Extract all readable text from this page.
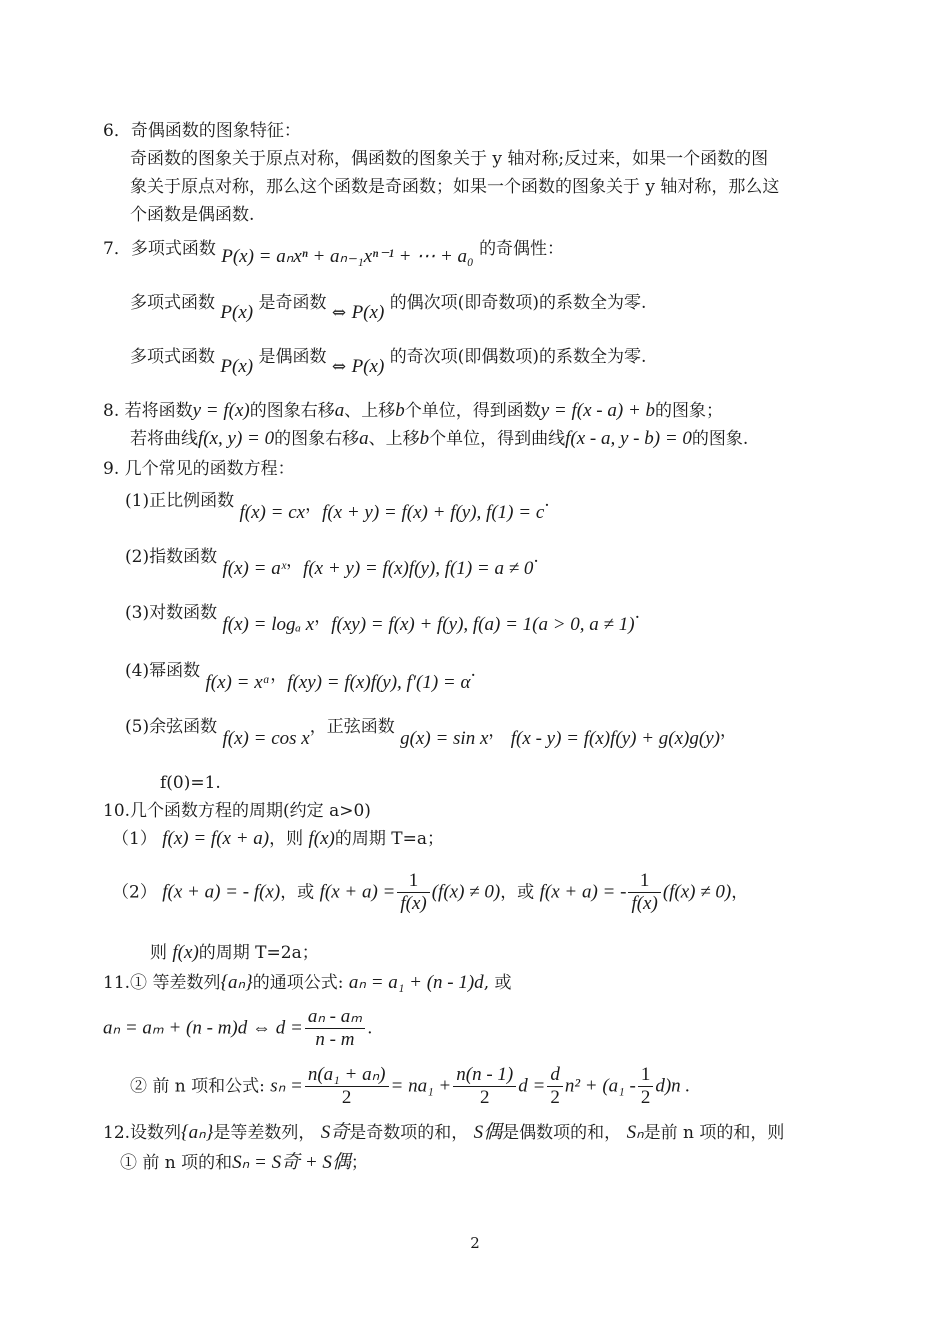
6．奇偶函数的图象特征：
奇函数的图象关于原点对称，偶函数的图象关于 y 轴对称;反过来，如果一个函数的图
象关于原点对称，那么这个函数是奇函数；如果一个函数的图象关于 y 轴对称，那么这
个函数是偶函数.
7．多项式函数 P(x) = aₙxⁿ + aₙ₋₁xⁿ⁻¹ + ⋯ + a₀ 的奇偶性：
多项式函数 P(x) 是奇函数 ⇔ P(x) 的偶次项(即奇数项)的系数全为零.
多项式函数 P(x) 是偶函数 ⇔ P(x) 的奇次项(即偶数项)的系数全为零.
8. 若将函数y = f(x)的图象右移a、上移b个单位，得到函数y = f(x - a) + b的图象；
若将曲线f(x, y) = 0的图象右移a、上移b个单位，得到曲线f(x - a, y - b) = 0的图象.
9. 几个常见的函数方程：
(1)正比例函数 f(x) = cx，f(x + y) = f(x) + f(y), f(1) = c.
(2)指数函数 f(x) = aˣ，f(x + y) = f(x)f(y), f(1) = a ≠ 0.
(3)对数函数 f(x) = logₐ x，f(xy) = f(x) + f(y), f(a) = 1(a > 0, a ≠ 1).
(4)幂函数 f(x) = xᵅ，f(xy) = f(x)f(y), f′(1) = α.
(5)余弦函数 f(x) = cos x，正弦函数 g(x) = sin x， f(x - y) = f(x)f(y) + g(x)g(y)，
f(0)=1.
10.几个函数方程的周期(约定 a>0)
（1） f(x) = f(x + a)，则 f(x)的周期 T=a；
（2） f(x + a) = - f(x)，或 $f(x + a) = \frac{1}{f(x)} (f(x) \ne 0)$，或 f(x + a) = - $\frac{1}{f(x)} (f(x) \ne 0)$，
则 f(x)的周期 T=2a；
11.① 等差数列{aₙ}的通项公式: aₙ = a₁ + (n - 1)d, 或
aₙ = aₘ + (n - m)d ⇔ $d = \frac{\text{aₙ - aₘ}}{n - m}$ .
② 前 n 项和公式: $s_n = \frac{\text{n(a₁ + aₙ)}}{2} = na_1 + \frac{n(n - 1)}{2}$ $d = \frac{d}{2} n^2 + (a_1 - \frac{1}{2} d)n$ .
12.设数列{aₙ}是等差数列， S奇是奇数项的和， S偶是偶数项的和， Sₙ是前 n 项的和，则
① 前 n 项的和Sₙ = S奇 + S偶；
2
